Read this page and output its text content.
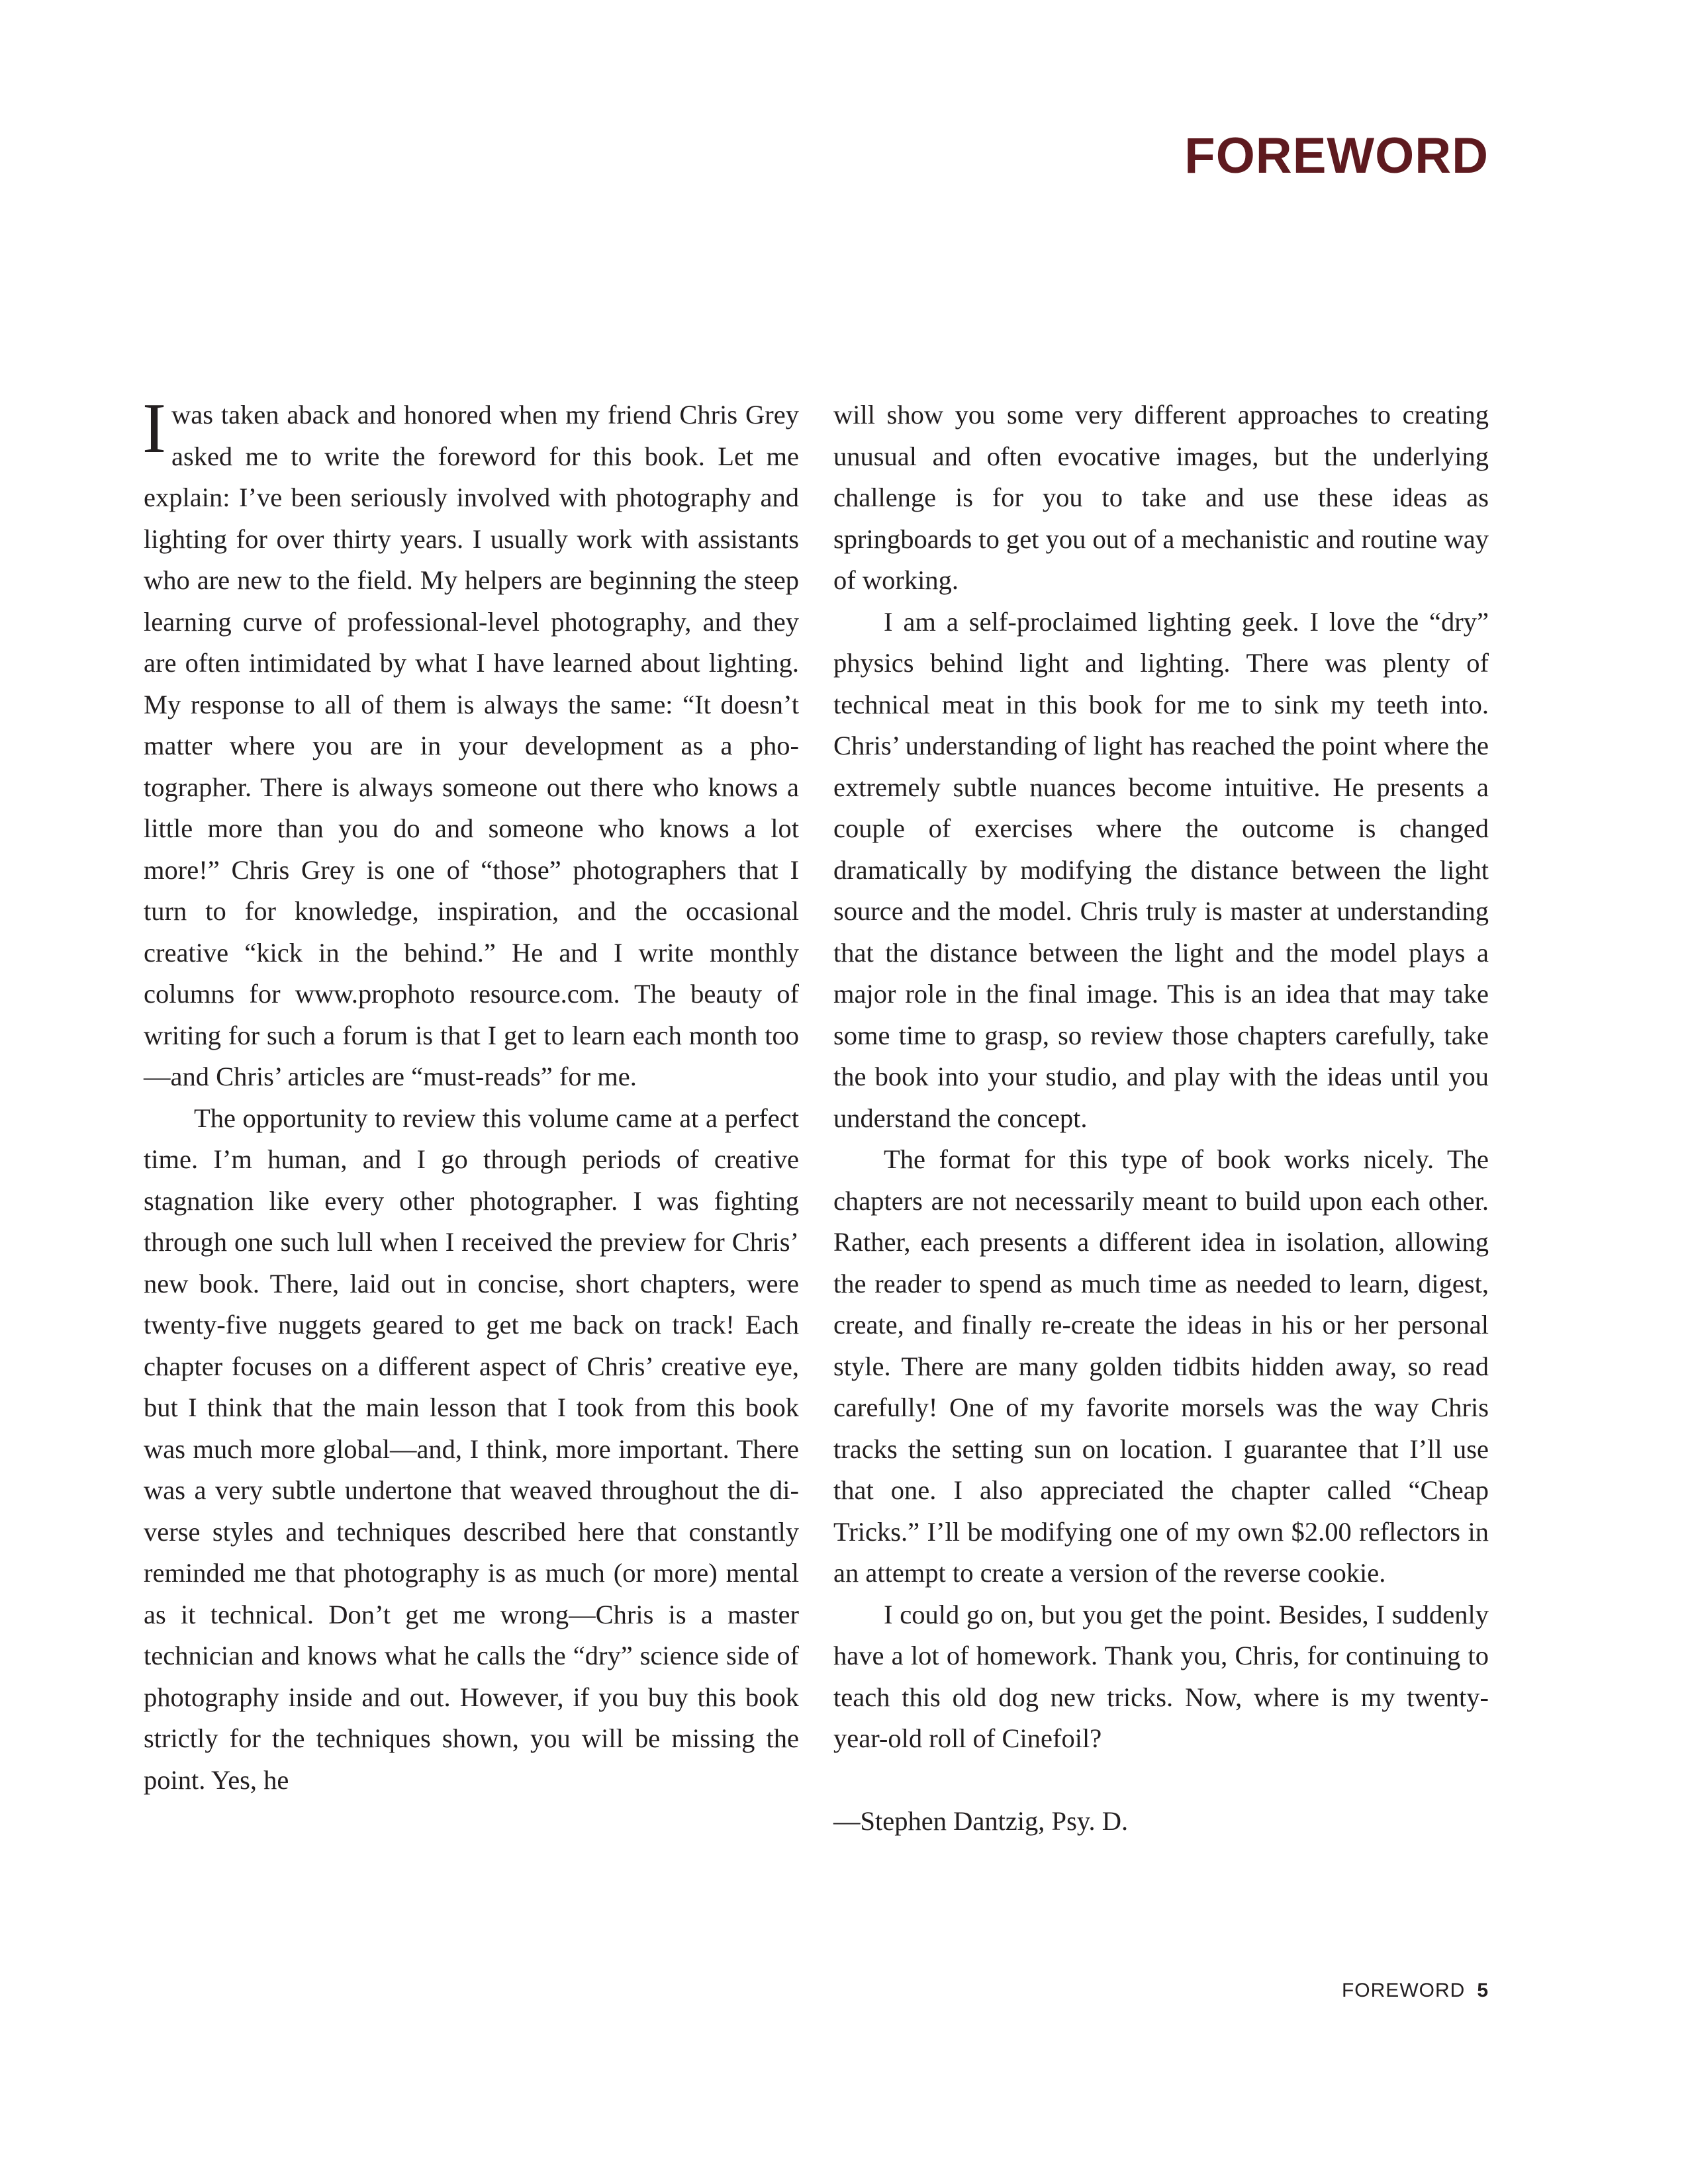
FOREWORD

I was taken aback and honored when my friend Chris Grey asked me to write the foreword for this book. Let me explain: I’ve been seriously involved with photography and lighting for over thirty years. I usually work with assistants who are new to the field. My helpers are beginning the steep learning curve of professional-level photography, and they are often intimidated by what I have learned about lighting. My response to all of them is always the same: “It doesn’t matter where you are in your development as a photographer. There is always someone out there who knows a little more than you do and someone who knows a lot more!” Chris Grey is one of “those” photographers that I turn to for knowledge, inspiration, and the occasional creative “kick in the behind.” He and I write monthly columns for www.prophoto resource.com. The beauty of writing for such a forum is that I get to learn each month too—and Chris’ articles are “must-reads” for me.

The opportunity to review this volume came at a perfect time. I’m human, and I go through periods of creative stagnation like every other photographer. I was fighting through one such lull when I received the preview for Chris’ new book. There, laid out in concise, short chapters, were twenty-five nuggets geared to get me back on track! Each chapter focuses on a different aspect of Chris’ creative eye, but I think that the main lesson that I took from this book was much more global—and, I think, more important. There was a very subtle undertone that weaved throughout the diverse styles and techniques described here that constantly reminded me that photography is as much (or more) mental as it technical. Don’t get me wrong—Chris is a master technician and knows what he calls the “dry” science side of photography inside and out. However, if you buy this book strictly for the techniques shown, you will be missing the point. Yes, he

will show you some very different approaches to creating unusual and often evocative images, but the underlying challenge is for you to take and use these ideas as springboards to get you out of a mechanistic and routine way of working.

I am a self-proclaimed lighting geek. I love the “dry” physics behind light and lighting. There was plenty of technical meat in this book for me to sink my teeth into. Chris’ understanding of light has reached the point where the extremely subtle nuances become intuitive. He presents a couple of exercises where the outcome is changed dramatically by modifying the distance between the light source and the model. Chris truly is master at understanding that the distance between the light and the model plays a major role in the final image. This is an idea that may take some time to grasp, so review those chapters carefully, take the book into your studio, and play with the ideas until you understand the concept.

The format for this type of book works nicely. The chapters are not necessarily meant to build upon each other. Rather, each presents a different idea in isolation, allowing the reader to spend as much time as needed to learn, digest, create, and finally re-create the ideas in his or her personal style. There are many golden tidbits hidden away, so read carefully! One of my favorite morsels was the way Chris tracks the setting sun on location. I guarantee that I’ll use that one. I also appreciated the chapter called “Cheap Tricks.” I’ll be modifying one of my own $2.00 reflectors in an attempt to create a version of the reverse cookie.

I could go on, but you get the point. Besides, I suddenly have a lot of homework. Thank you, Chris, for continuing to teach this old dog new tricks. Now, where is my twenty-year-old roll of Cinefoil?

—Stephen Dantzig, Psy. D.

FOREWORD 5
